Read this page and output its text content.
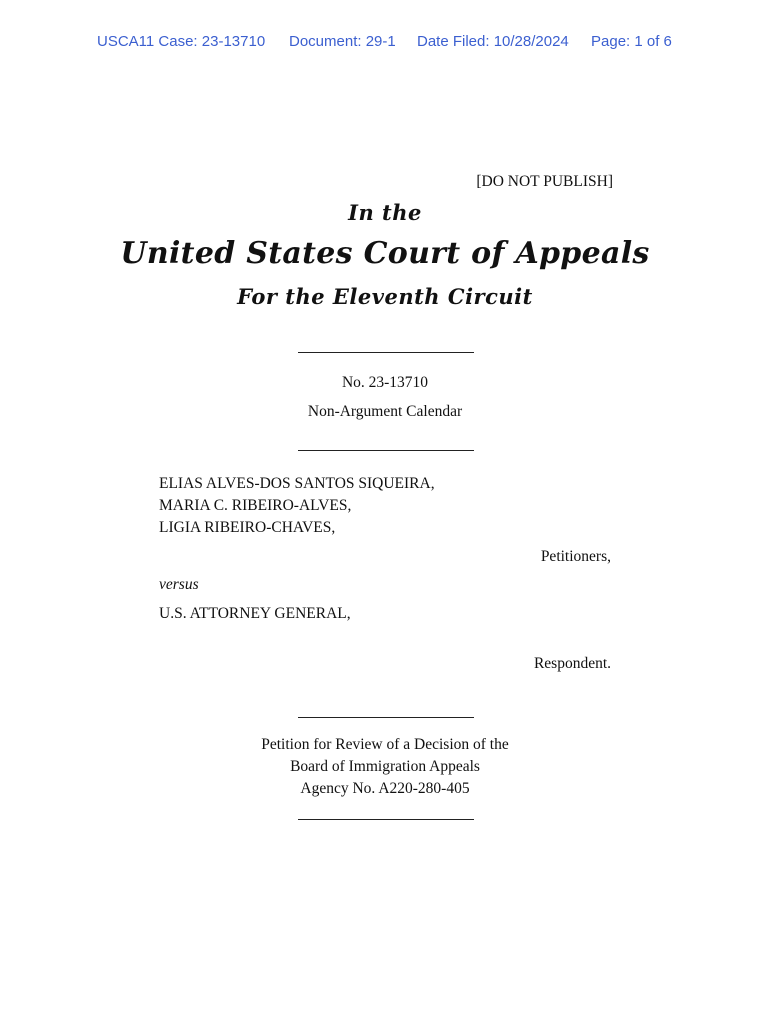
USCA11 Case: 23-13710 Document: 29-1 Date Filed: 10/28/2024 Page: 1 of 6
[DO NOT PUBLISH]
In the
United States Court of Appeals
For the Eleventh Circuit
No. 23-13710
Non-Argument Calendar
ELIAS ALVES-DOS SANTOS SIQUEIRA,
MARIA C. RIBEIRO-ALVES,
LIGIA RIBEIRO-CHAVES,
Petitioners,
versus
U.S. ATTORNEY GENERAL,
Respondent.
Petition for Review of a Decision of the
Board of Immigration Appeals
Agency No. A220-280-405
